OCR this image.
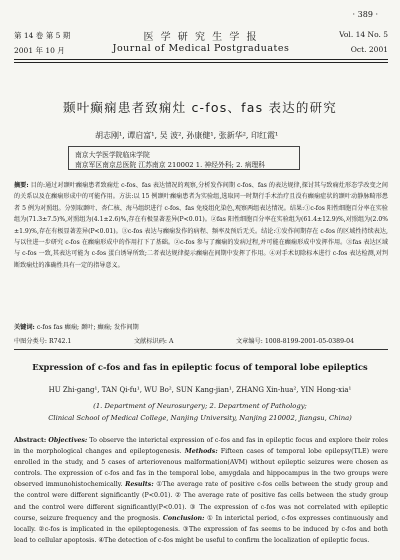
· 389 ·
第 14 卷 第 5 期	医 学 研 究 生 学 报	Vol. 14 No. 5
2001 年 10 月	Journal of Medical Postgraduates	Oct. 2001
颞叶癫痫患者致痫灶 c-fos、fas 表达的研究
胡志刚¹, 谭启富¹, 吴 波², 孙康健¹, 张新华², 印红霞¹
南京大学医学院临床学院
南京军区南京总医院 江苏南京 210002 1. 神经外科; 2. 病理科
摘要: 目的:通过对颞叶癫痫患者致痫灶 c-fos、fas 表达情况的观察,分析发作间期 c-fos、fas 的表达规律,探讨其与致痫灶形态学改变之间的关系以及在癫痫形成中的可能作用。方法:以 15 例颞叶癫痫患者为实验组,选取同一时期行手术治疗且没有癫痫症状的颞叶动静脉畸形患者 5 例为对照组。分别取颞叶、杏仁核、海马组织进行 c-fos、fas 免疫组化染色,观察两组表达情况。结果:①c-fos 阳性细胞百分率在实验组为(71.3±7.5)%,对照组为(4.1±2.6)%,存在有极显著差异(P<0.01)。②fas 阳性细胞百分率在实验组为(61.4±12.9)%,对照组为(2.0%±1.9)%,存在有极显著差异(P<0.01)。③c-fos 表达与癫痫发作的病程、频率及预后无关。结论:①发作间期存在 c-fos 的区域性持续表达,与以往进一步研究 c-fos 在癫痫形成中的作用打下了基础。②c-fos 参与了癫痫的发病过程,并可能在癫痫形成中发挥作用。③fas 表达区域与 c-fos 一致,其表达可能为 c-fos 蛋白诱导所致;二者表达规律提示癫痫在间期中发挥了作用。④对手术切除标本进行 c-fos 表达检测,对判断致痫灶的准确性具有一定的指导意义。
关键词: c-fos fas 癫痫; 颞叶; 癫痫; 发作间期
中图分类号: R742.1	文献标识码: A	文章编号: 1008-8199-2001-05-0389-04
Expression of c-fos and fas in epileptic focus of temporal lobe epileptics
HU Zhi-gang¹, TAN Qi-fu¹, WU Bo², SUN Kang-jian¹, ZHANG Xin-hua², YIN Hong-xia¹
(1. Department of Neurosurgery; 2. Department of Pathology;
Clinical School of Medical College, Nanjing University, Nanjing 210002, Jiangsu, China)
Abstract: Objectives: To observe the interictal expression of c-fos and fas in epileptic focus and explore their roles in the morphological changes and epileptogenesis. Methods: Fifteen cases of temporal lobe epilepsy(TLE) were enrolled in the study, and 5 cases of arteriovenous malformation(AVM) without epileptic seizures were chosen as controls. The expression of c-fos and fas in the temporal lobe, amygdala and hippocampus in the two groups were observed immunohistochemically. Results: ①The average rate of positive c-fos cells between the study group and the control were different significantly (P<0.01). ② The average rate of positive fas cells between the study group and the control were different significantly(P<0.01). ③ The expression of c-fos was not correlated with epileptic course, seizure frequency and the prognosis. Conclusion: ① In interictal period, c-fos expresses continuously and locally. ②c-fos is implicated in the epileptogenesis. ③The expression of fas seems to be induced by c-fos and both lead to cellular apoptosis. ④The detection of c-fos might be useful to confirm the localization of epileptic focus.
